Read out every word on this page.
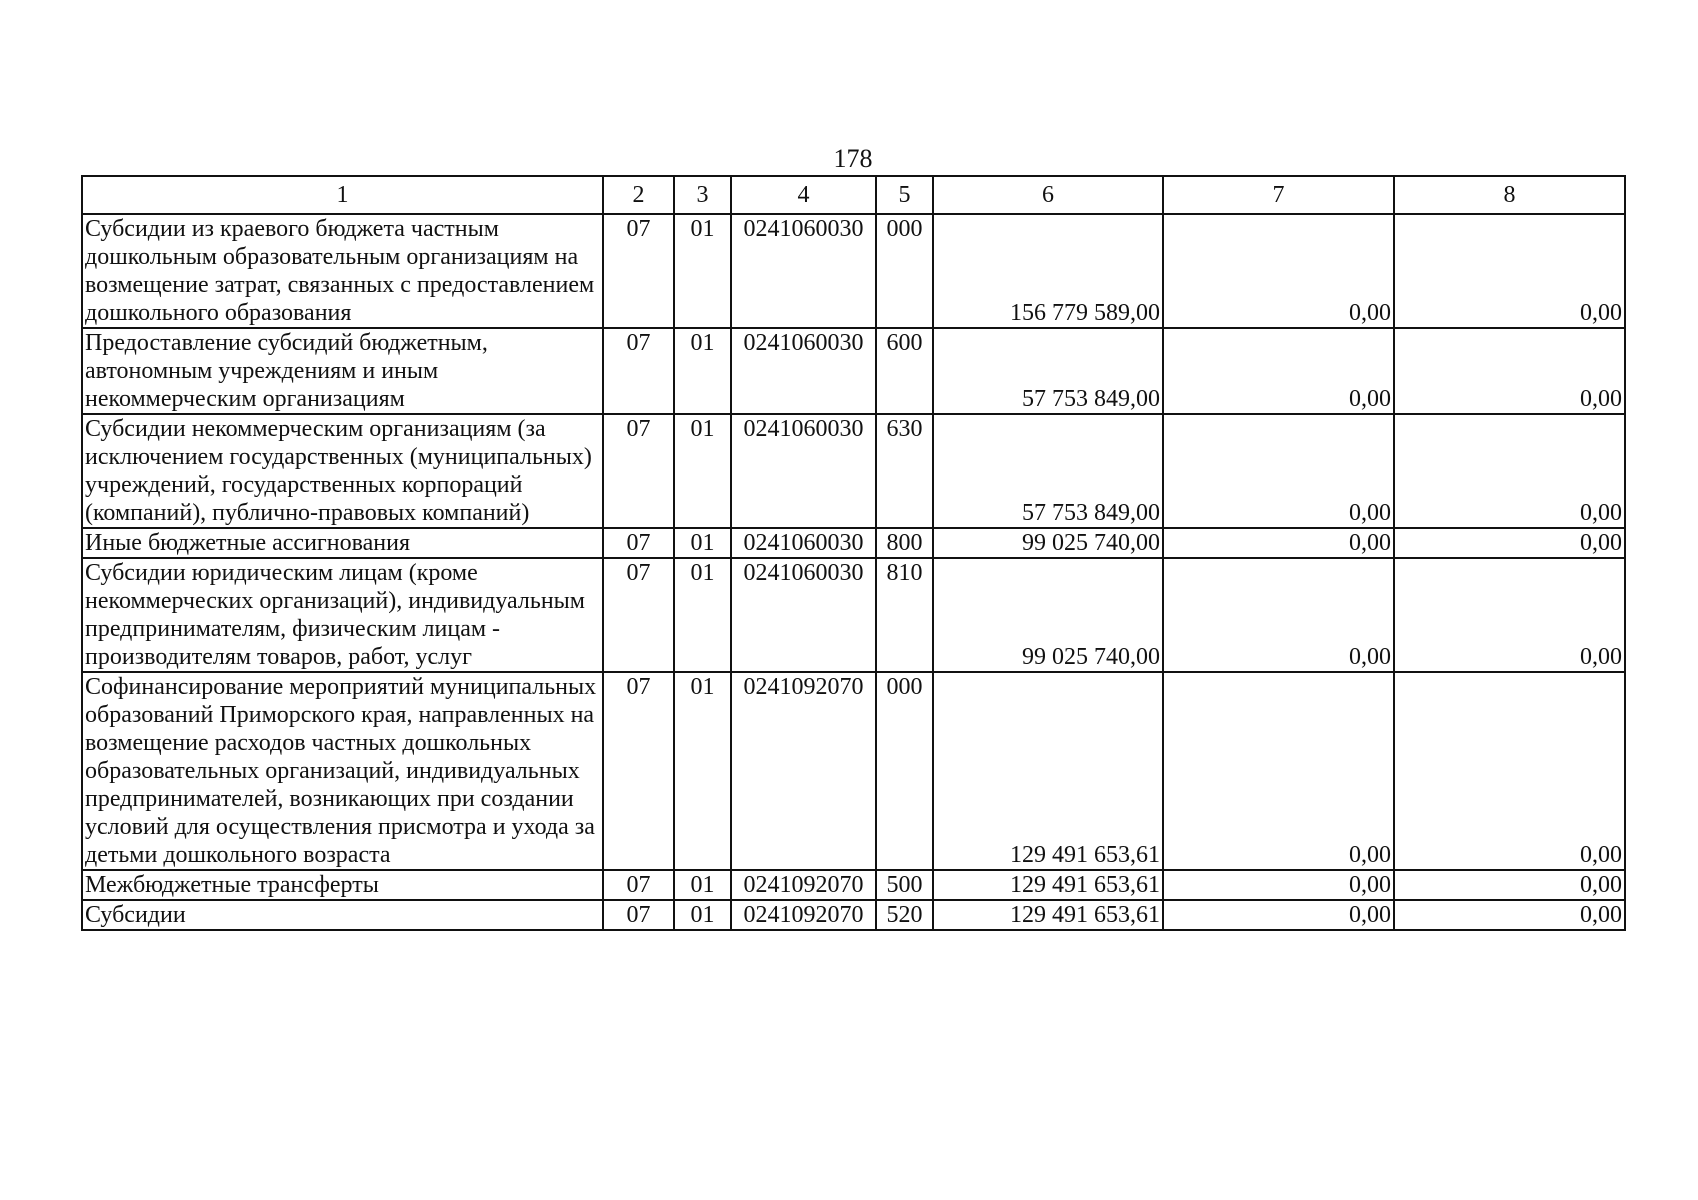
178
1	2	3	4	5	6	7	8
Субсидии из краевого бюджета частным дошкольным образовательным организациям на возмещение затрат, связанных с предоставлением дошкольного образования	07	01	0241060030	000	156 779 589,00	0,00	0,00
Предоставление субсидий бюджетным, автономным учреждениям и иным некоммерческим организациям	07	01	0241060030	600	57 753 849,00	0,00	0,00
Субсидии некоммерческим организациям (за исключением государственных (муниципальных) учреждений, государственных корпораций (компаний), публично-правовых компаний)	07	01	0241060030	630	57 753 849,00	0,00	0,00
Иные бюджетные ассигнования	07	01	0241060030	800	99 025 740,00	0,00	0,00
Субсидии юридическим лицам (кроме некоммерческих организаций), индивидуальным предпринимателям, физическим лицам - производителям товаров, работ, услуг	07	01	0241060030	810	99 025 740,00	0,00	0,00
Софинансирование мероприятий муниципальных образований Приморского края, направленных на возмещение расходов частных дошкольных образовательных организаций, индивидуальных предпринимателей, возникающих при создании условий для осуществления присмотра и ухода за детьми дошкольного возраста	07	01	0241092070	000	129 491 653,61	0,00	0,00
Межбюджетные трансферты	07	01	0241092070	500	129 491 653,61	0,00	0,00
Субсидии	07	01	0241092070	520	129 491 653,61	0,00	0,00
